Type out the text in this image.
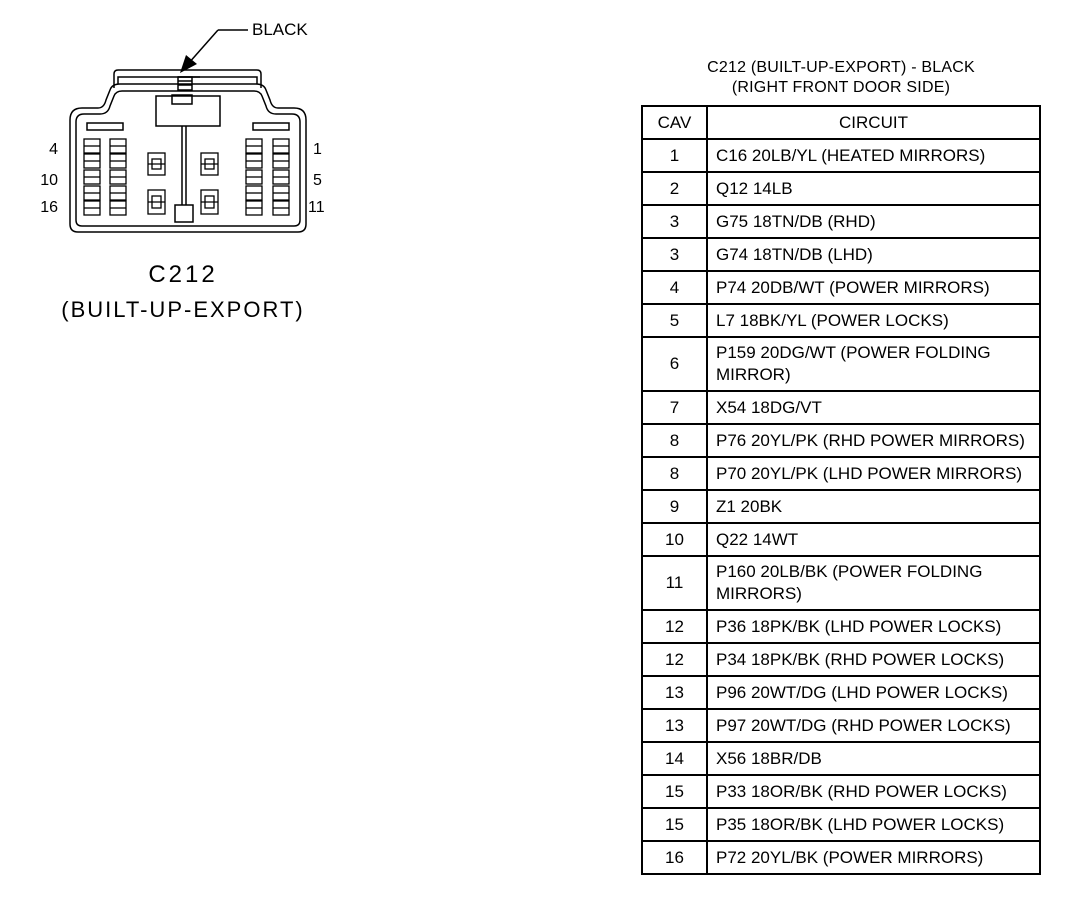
BLACK
4
10
16
1
5
11
C212
(BUILT-UP-EXPORT)
C212 (BUILT-UP-EXPORT) - BLACK
(RIGHT FRONT DOOR SIDE)
CAV	CIRCUIT
1	C16 20LB/YL (HEATED MIRRORS)
2	Q12 14LB
3	G75 18TN/DB (RHD)
3	G74 18TN/DB (LHD)
4	P74 20DB/WT (POWER MIRRORS)
5	L7 18BK/YL (POWER LOCKS)
6	P159 20DG/WT (POWER FOLDING MIRROR)
7	X54 18DG/VT
8	P76 20YL/PK (RHD POWER MIRRORS)
8	P70 20YL/PK (LHD POWER MIRRORS)
9	Z1 20BK
10	Q22 14WT
11	P160 20LB/BK (POWER FOLDING MIRRORS)
12	P36 18PK/BK (LHD POWER LOCKS)
12	P34 18PK/BK (RHD POWER LOCKS)
13	P96 20WT/DG (LHD POWER LOCKS)
13	P97 20WT/DG (RHD POWER LOCKS)
14	X56 18BR/DB
15	P33 18OR/BK (RHD POWER LOCKS)
15	P35 18OR/BK (LHD POWER LOCKS)
16	P72 20YL/BK (POWER MIRRORS)
